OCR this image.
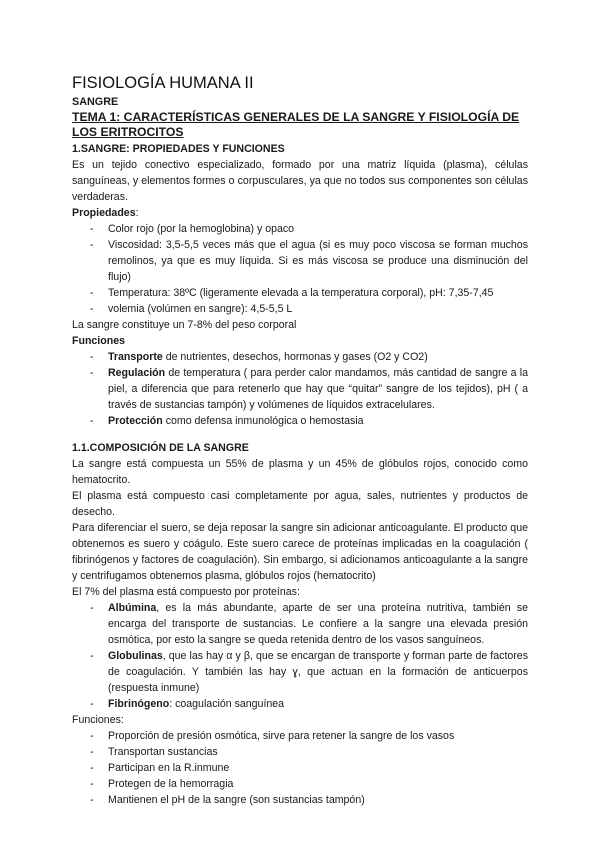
FISIOLOGÍA HUMANA II
SANGRE
TEMA 1: CARACTERÍSTICAS GENERALES DE LA SANGRE Y FISIOLOGÍA DE LOS ERITROCITOS
1.SANGRE: PROPIEDADES Y FUNCIONES

Es un tejido conectivo especializado, formado por una matriz líquida (plasma), células sanguíneas, y elementos formes o corpusculares, ya que no todos sus componentes son células verdaderas.

Propiedades:
- Color rojo (por la hemoglobina) y opaco
- Viscosidad: 3,5-5,5 veces más que el agua (si es muy poco viscosa se forman muchos remolinos, ya que es muy líquida. Si es más viscosa se produce una disminución del flujo)
- Temperatura: 38ºC (ligeramente elevada a la temperatura corporal), pH: 7,35-7,45
- volemia (volúmen en sangre): 4,5-5,5 L

La sangre constituye un 7-8% del peso corporal

Funciones
- Transporte de nutrientes, desechos, hormonas y gases (O2 y CO2)
- Regulación de temperatura ( para perder calor mandamos, más cantidad de sangre a la piel, a diferencia que para retenerlo que hay que “quitar” sangre de los tejidos), pH ( a través de sustancias tampón) y volúmenes de líquidos extracelulares.
- Protección como defensa inmunológica o hemostasia
1.1.COMPOSICIÓN DE LA SANGRE

La sangre está compuesta un 55% de plasma y un 45% de glóbulos rojos, conocido como hematocrito.

El plasma está compuesto casi completamente por agua, sales, nutrientes y productos de desecho.

Para diferenciar el suero, se deja reposar la sangre sin adicionar anticoagulante. El producto que obtenemos es suero y coágulo. Este suero carece de proteínas implicadas en la coagulación ( fibrinógenos y factores de coagulación). Sin embargo, si adicionamos anticoagulante a la sangre y centrifugamos obtenemos plasma, glóbulos rojos (hematocrito)

El 7% del plasma está compuesto por proteínas:

- Albúmina, es la más abundante, aparte de ser una proteína nutritiva, también se encarga del transporte de sustancias. Le confiere a la sangre una elevada presión osmótica, por esto la sangre se queda retenida dentro de los vasos sanguíneos.
- Globulinas, que las hay α y β, que se encargan de transporte y forman parte de factores de coagulación. Y también las hay ɣ, que actuan en la formación de anticuerpos (respuesta inmune)
- Fibrinógeno: coagulación sanguínea

Funciones:

- Proporción de presión osmótica, sirve para retener la sangre de los vasos
- Transportan sustancias
- Participan en la R.inmune
- Protegen de la hemorragia
- Mantienen el pH de la sangre (son sustancias tampón)
